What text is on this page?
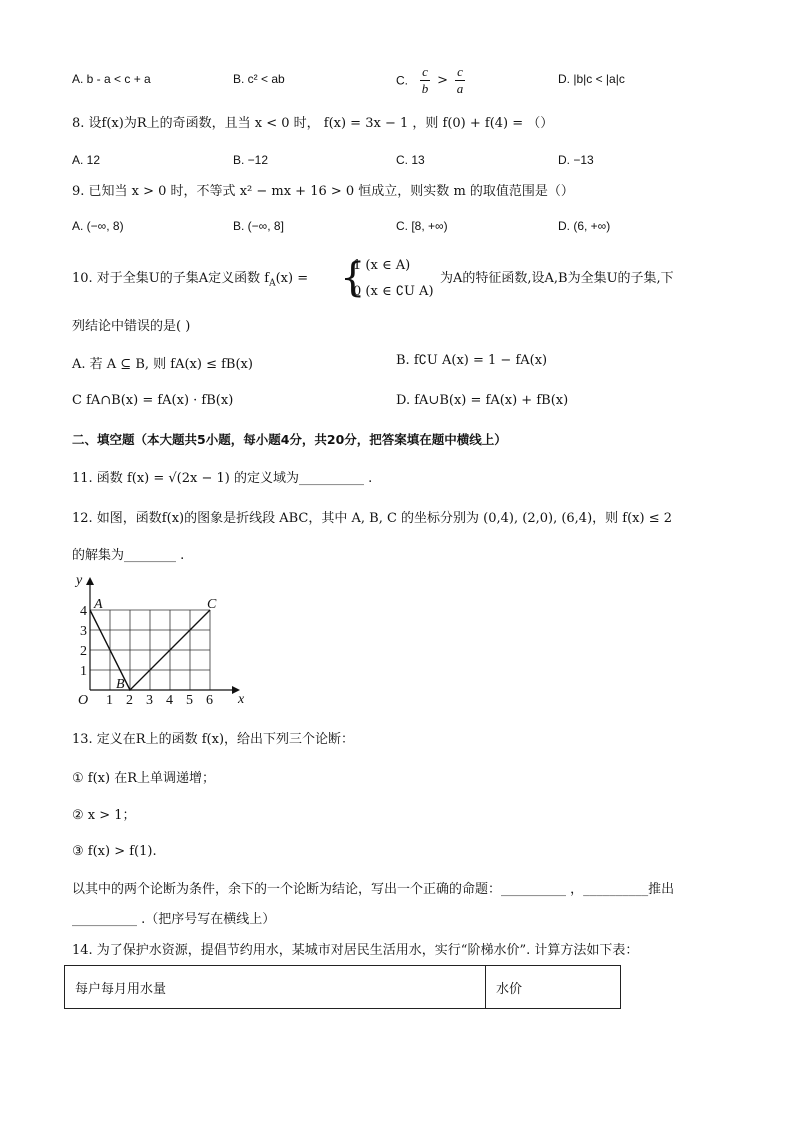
A. b - a < c + a	B. c² < ab	C. $\frac{c}{b} > \frac{c}{a}$	D. |b|c < |a|c
8. 设f(x)为R上的奇函数，且当 x < 0 时， f(x) = 3x − 1 ，则 f(0) + f(4) = （）
A. 12	B. −12	C. 13	D. −13
9. 已知当 x > 0 时，不等式 x² − mx + 16 > 0 恒成立，则实数 m 的取值范围是（）
A. (−∞, 8)	B. (−∞, 8]	C. [8, +∞)	D. (6, +∞)
10. 对于全集U的子集A定义函数 $f_A(x)$ = {
1 (x ∈ A)
0 (x ∈ ∁U A)
为A的特征函数,设A,B为全集U的子集,下
列结论中错误的是( )
A. 若 A ⊆ B, 则 fA(x) ≤ fB(x)	B. f∁U A(x) = 1 − fA(x)
C fA∩B(x) = fA(x) · fB(x)	D. fA∪B(x) = fA(x) + fB(x)
二、填空题（本大题共5小题，每小题4分，共20分，把答案填在题中横线上）
11. 函数 f(x) = √(2x − 1) 的定义域为__________ .
12. 如图，函数f(x)的图象是折线段 ABC，其中 A, B, C 的坐标分别为 (0,4), (2,0), (6,4)，则 f(x) ≤ 2
的解集为________ .
y
x
O 1 2 3 4 5 6
1
2
3
4 A
B
C
13. 定义在R上的函数 f(x)，给出下列三个论断：
① f(x) 在R上单调递增；
② x > 1；
③ f(x) > f(1).
以其中的两个论断为条件，余下的一个论断为结论，写出一个正确的命题：__________ ，__________推出
__________ .（把序号写在横线上）
14. 为了保护水资源，提倡节约用水，某城市对居民生活用水，实行“阶梯水价”. 计算方法如下表：
每户每月用水量	水价
